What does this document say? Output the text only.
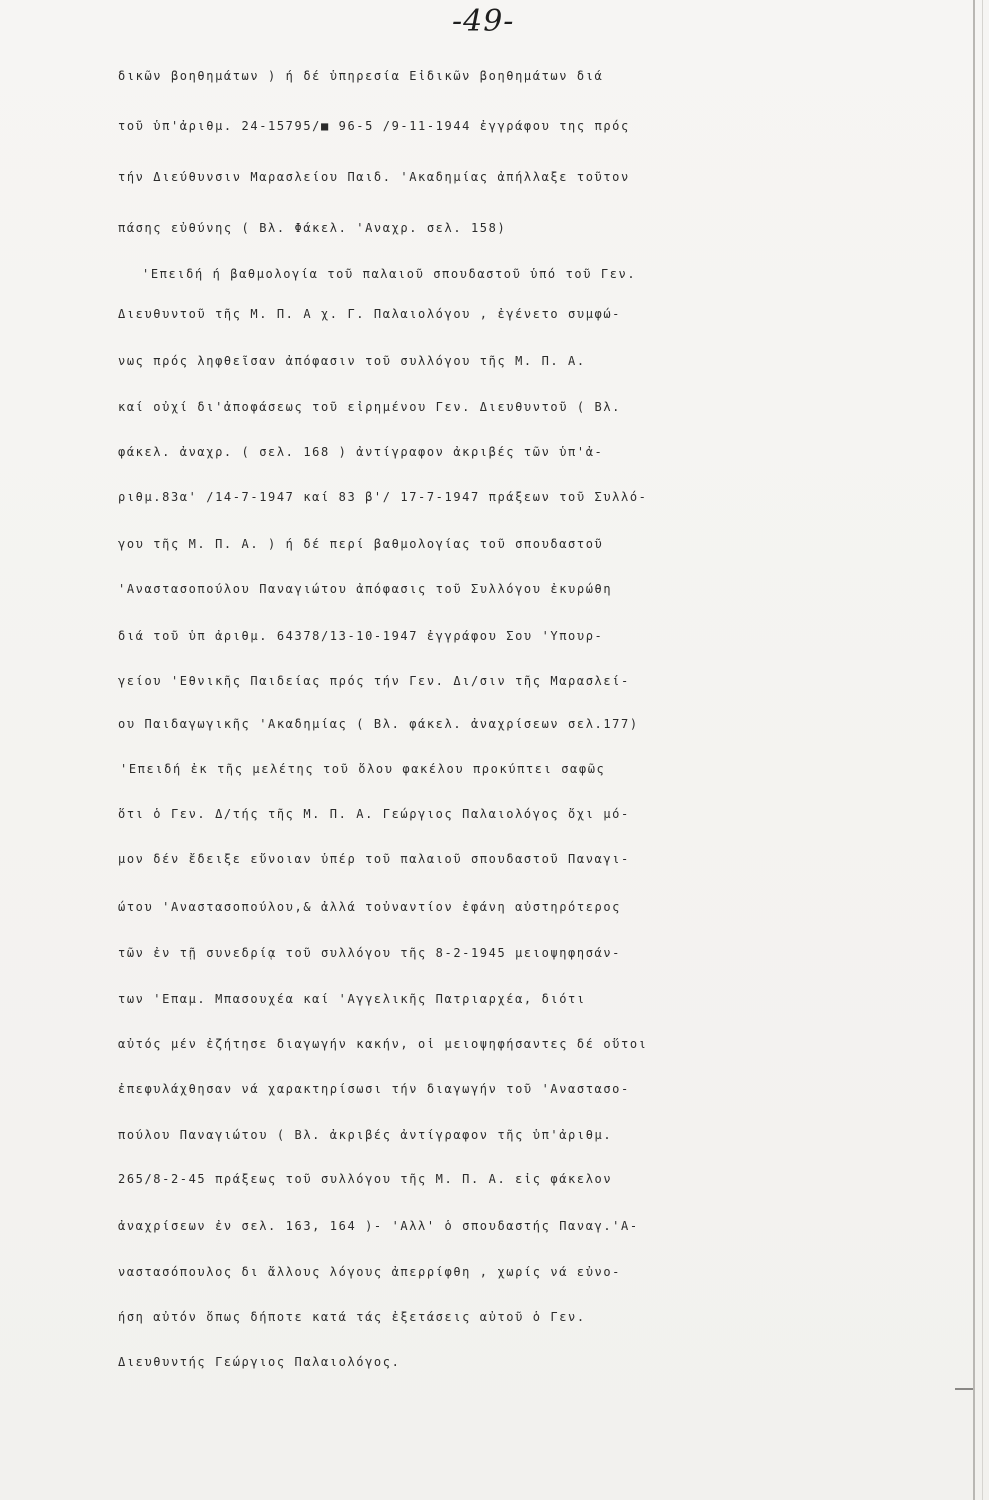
-49-
δικῶν βοηθημάτων ) ή δέ ὑπηρεσία Εἰδικῶν βοηθημάτων διά
τοῦ ὑπ'ἀριθμ. 24-15795/■ 96-5 /9-11-1944 ἐγγράφου της πρός
τήν Διεύθυνσιν Μαρασλείου Παιδ. 'Ακαδημίας ἀπήλλαξε τοῦτον
πάσης εὐθύνης ( Βλ. Φάκελ. 'Αναχρ. σελ. 158)
'Επειδή ή βαθμολογία τοῦ παλαιοῦ σπουδαστοῦ ὑπό τοῦ Γεν.
Διευθυντοῦ τῆς Μ. Π. Α χ. Γ. Παλαιολόγου , ἐγένετο συμφώ-
νως πρός ληφθεῖσαν ἀπόφασιν τοῦ συλλόγου τῆς Μ. Π. Α.
καί οὐχί δι'ἀποφάσεως τοῦ εἰρημένου Γεν. Διευθυντοῦ ( Βλ.
φάκελ. ἀναχρ. ( σελ. 168 ) ἀντίγραφον ἀκριβές τῶν ὑπ'ἀ-
ριθμ.83α' /14-7-1947 καί 83 β'/ 17-7-1947 πράξεων τοῦ Συλλό-
γου τῆς Μ. Π. Α. ) ή δέ περί βαθμολογίας τοῦ σπουδαστοῦ
'Αναστασοπούλου Παναγιώτου ἀπόφασις τοῦ Συλλόγου ἐκυρώθη
διά τοῦ ὑπ ἀριθμ. 64378/13-10-1947 ἐγγράφου Σου 'Υπουρ-
γείου 'Εθνικῆς Παιδείας πρός τήν Γεν. Δι/σιν τῆς Μαρασλεί-
ου Παιδαγωγικῆς 'Ακαδημίας ( Βλ. φάκελ. ἀναχρίσεων σελ.177)
'Επειδή ἐκ τῆς μελέτης τοῦ ὅλου φακέλου προκύπτει σαφῶς
ὅτι ὁ Γεν. Δ/τής τῆς Μ. Π. Α. Γεώργιος Παλαιολόγος ὄχι μό-
μον δέν ἔδειξε εὔνοιαν ὑπέρ τοῦ παλαιοῦ σπουδαστοῦ Παναγι-
ώτου 'Αναστασοπούλου,& ἀλλά τοὐναντίον ἐφάνη αὐστηρότερος
τῶν ἐν τῇ συνεδρίᾳ τοῦ συλλόγου τῆς 8-2-1945 μειοψηφησάν-
των 'Επαμ. Μπασουχέα καί 'Αγγελικῆς Πατριαρχέα, διότι
αὐτός μέν ἐζήτησε διαγωγήν κακήν, οἱ μειοψηφήσαντες δέ οὕτοι
ἐπεφυλάχθησαν νά χαρακτηρίσωσι τήν διαγωγήν τοῦ 'Αναστασο-
πούλου Παναγιώτου ( Βλ. ἀκριβές ἀντίγραφον τῆς ὑπ'ἀριθμ.
265/8-2-45 πράξεως τοῦ συλλόγου τῆς Μ. Π. Α. εἰς φάκελον
ἀναχρίσεων ἐν σελ. 163, 164 )- 'Αλλ' ὁ σπουδαστής Παναγ.'Α-
ναστασόπουλος δι ἄλλους λόγους ἀπερρίφθη , χωρίς νά εὐνο-
ήση αὐτόν ὅπως δήποτε κατά τάς ἐξετάσεις αὐτοῦ ὁ Γεν.
Διευθυντής Γεώργιος Παλαιολόγος.
